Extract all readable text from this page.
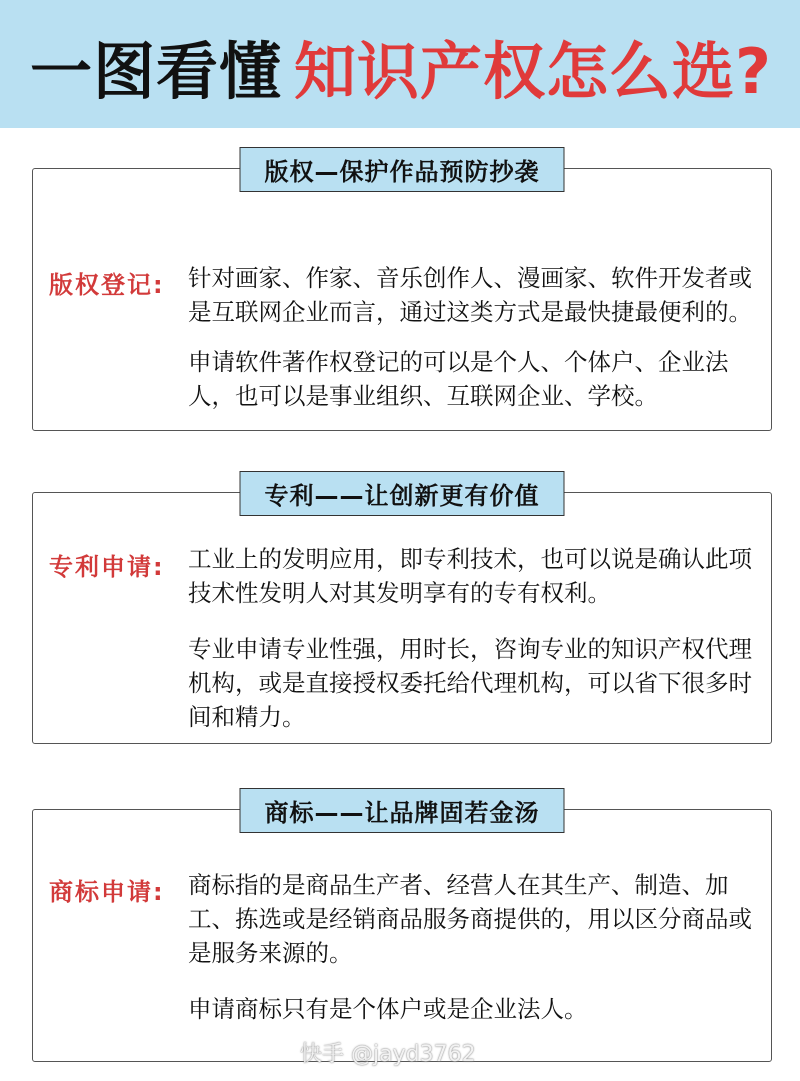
一图看懂 知识产权怎么选?
版权—保护作品预防抄袭
版权登记: 针对画家、作家、音乐创作人、漫画家、软件开发者或是互联网企业而言，通过这类方式是最快捷最便利的。

申请软件著作权登记的可以是个人、个体户、企业法人，也可以是事业组织、互联网企业、学校。

专利——让创新更有价值
专利申请: 工业上的发明应用，即专利技术，也可以说是确认此项技术性发明人对其发明享有的专有权利。

专业申请专业性强，用时长，咨询专业的知识产权代理机构，或是直接授权委托给代理机构，可以省下很多时间和精力。

商标——让品牌固若金汤
商标申请: 商标指的是商品生产者、经营人在其生产、制造、加工、拣选或是经销商品服务商提供的，用以区分商品或是服务来源的。

申请商标只有是个体户或是企业法人。

快手 @jayd3762
